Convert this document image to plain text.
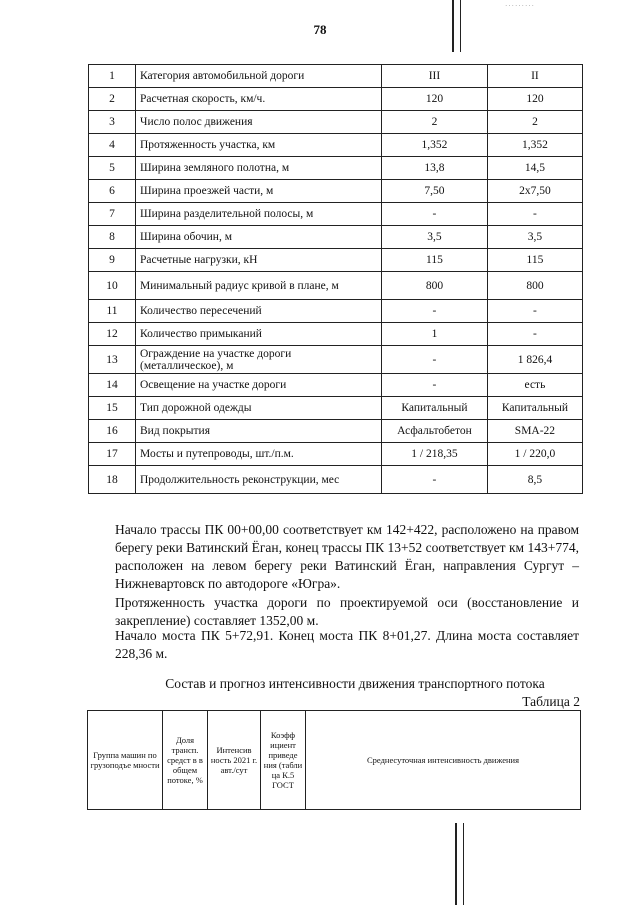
78
·········
1	Категория автомобильной дороги	III	II
2	Расчетная скорость, км/ч.	120	120
3	Число полос движения	2	2
4	Протяженность участка, км	1,352	1,352
5	Ширина земляного полотна, м	13,8	14,5
6	Ширина проезжей части, м	7,50	2х7,50
7	Ширина разделительной полосы, м	-	-
8	Ширина обочин, м	3,5	3,5
9	Расчетные нагрузки, кН	115	115
10	Минимальный радиус кривой в плане, м	800	800
11	Количество пересечений	-	-
12	Количество примыканий	1	-
13	Ограждение на участке дороги (металлическое), м	-	1 826,4
14	Освещение на участке дороги	-	есть
15	Тип дорожной одежды	Капитальный	Капитальный
16	Вид покрытия	Асфальтобетон	SMA-22
17	Мосты и путепроводы, шт./п.м.	1 / 218,35	1 / 220,0
18	Продолжительность реконструкции, мес	-	8,5
Начало трассы ПК 00+00,00 соответствует км 142+422, расположено на правом берегу реки Ватинский Ёган, конец трассы ПК 13+52 соответствует км 143+774, расположен на левом берегу реки Ватинский Ёган, направления Сургут – Нижневартовск по автодороге «Югра».
Протяженность участка дороги по проектируемой оси (восстановление и закрепление) составляет 1352,00 м.
Начало моста ПК 5+72,91. Конец моста ПК 8+01,27. Длина моста составляет 228,36 м.
Состав и прогноз интенсивности движения транспортного потока
Таблица 2
Группа машин по грузоподъе мности	Доля трансп. средст в в общем потоке, %	Интенсив ность 2021 г. авт./сут	Коэфф ициент приведе ния (табли ца К.5 ГОСТ	Среднесуточная интенсивность движения
